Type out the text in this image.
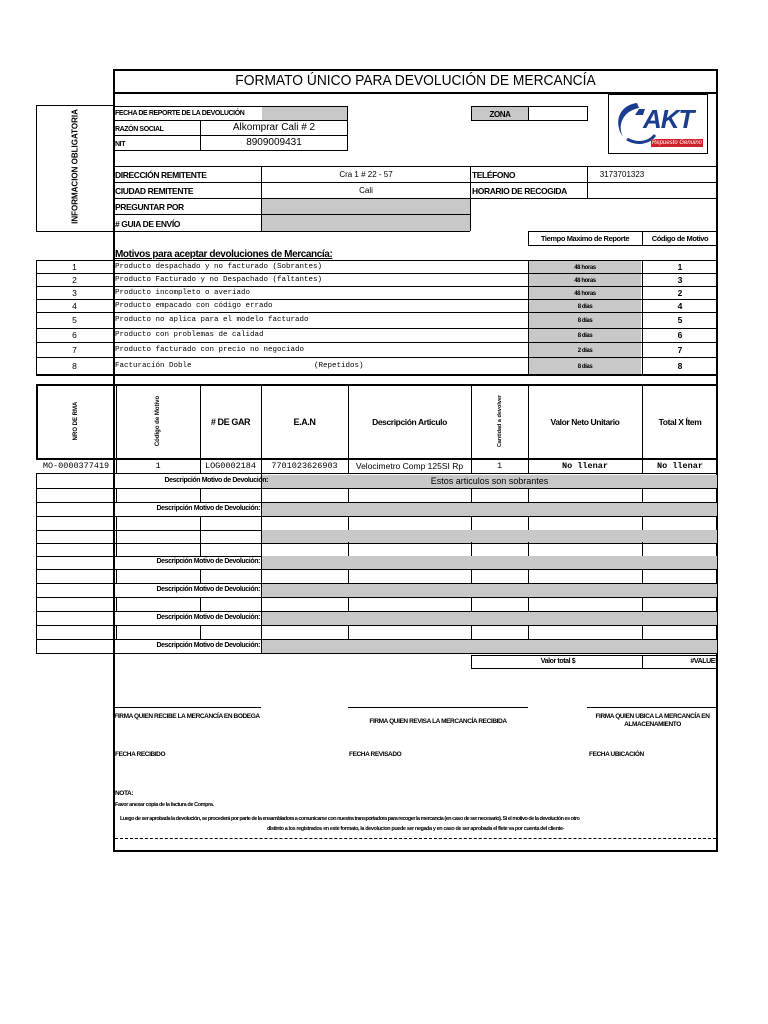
FORMATO ÚNICO PARA DEVOLUCIÓN DE MERCANCÍA
INFORMACION OBLIGATORIA	FECHA DE REPORTE DE LA DEVOLUCIÓN
RAZÓN SOCIAL	Alkomprar Cali # 2
NIT	8909009431
ZONA	AKT
Repuesto Genuino
DIRECCIÓN REMITENTE	Cra 1 # 22 - 57	TELÉFONO	3173701323
CIUDAD REMITENTE	Cali	HORARIO DE RECOGIDA
PREGUNTAR POR
# GUIA DE ENVÍO
Tiempo Maximo de Reporte	Código de Motivo
Motivos para aceptar devoluciones de Mercancía:
1	Producto despachado y no facturado (Sobrantes)	48 horas	1
2	Producto Facturado y no Despachado (faltantes)	48 horas	3
3	Producto incompleto o averiado	48 horas	2
4	Producto empacado con código errado	8 días	4
5	Producto no aplica para el modelo facturado	8 días	5
6	Producto con problemas de calidad	8 días	6
7	Producto facturado con precio no negociado	2 días	7
8	Facturación Doble	(Repetidos)	8 días	8
NRO DE RMA	Código de Motivo	# DE GAR	E.A.N	Descripción Articulo	Cantidad a devolver	Valor Neto Unitario	Total X Ítem
MO-0000377419	1	LOG0002184	7701023626903	Velocimetro Comp 125SI Rp	1	No llenar	No llenar
Descripción Motivo de Devolución:	Estos articulos son sobrantes
Descripción Motivo de Devolución:
Descripción Motivo de Devolución:
Descripción Motivo de Devolución:
Descripción Motivo de Devolución:
Descripción Motivo de Devolución:
Valor total $	#VALUE!
FIRMA QUIEN RECIBE LA MERCANCÍA EN BODEGA
FIRMA QUIEN REVISA LA MERCANCÍA RECIBIDA
FIRMA QUIEN UBICA LA MERCANCÍA EN ALMACENAMIENTO
FECHA RECIBIDO	FECHA REVISADO	FECHA UBICACIÓN
NOTA:
Favor anexar copia de la factura de Compra.
Luego de ser aprobada la devolución, se procederá por parte de la ensambladora a comunicarse con nuestra transportadora para recoger la mercancía (en caso de ser necesario). Si el motivo de la devolución es otro
distinto a los registrados en este formato, la devolucion puede ser negada y en caso de ser aprobada el flete va por cuenta del cliente-
